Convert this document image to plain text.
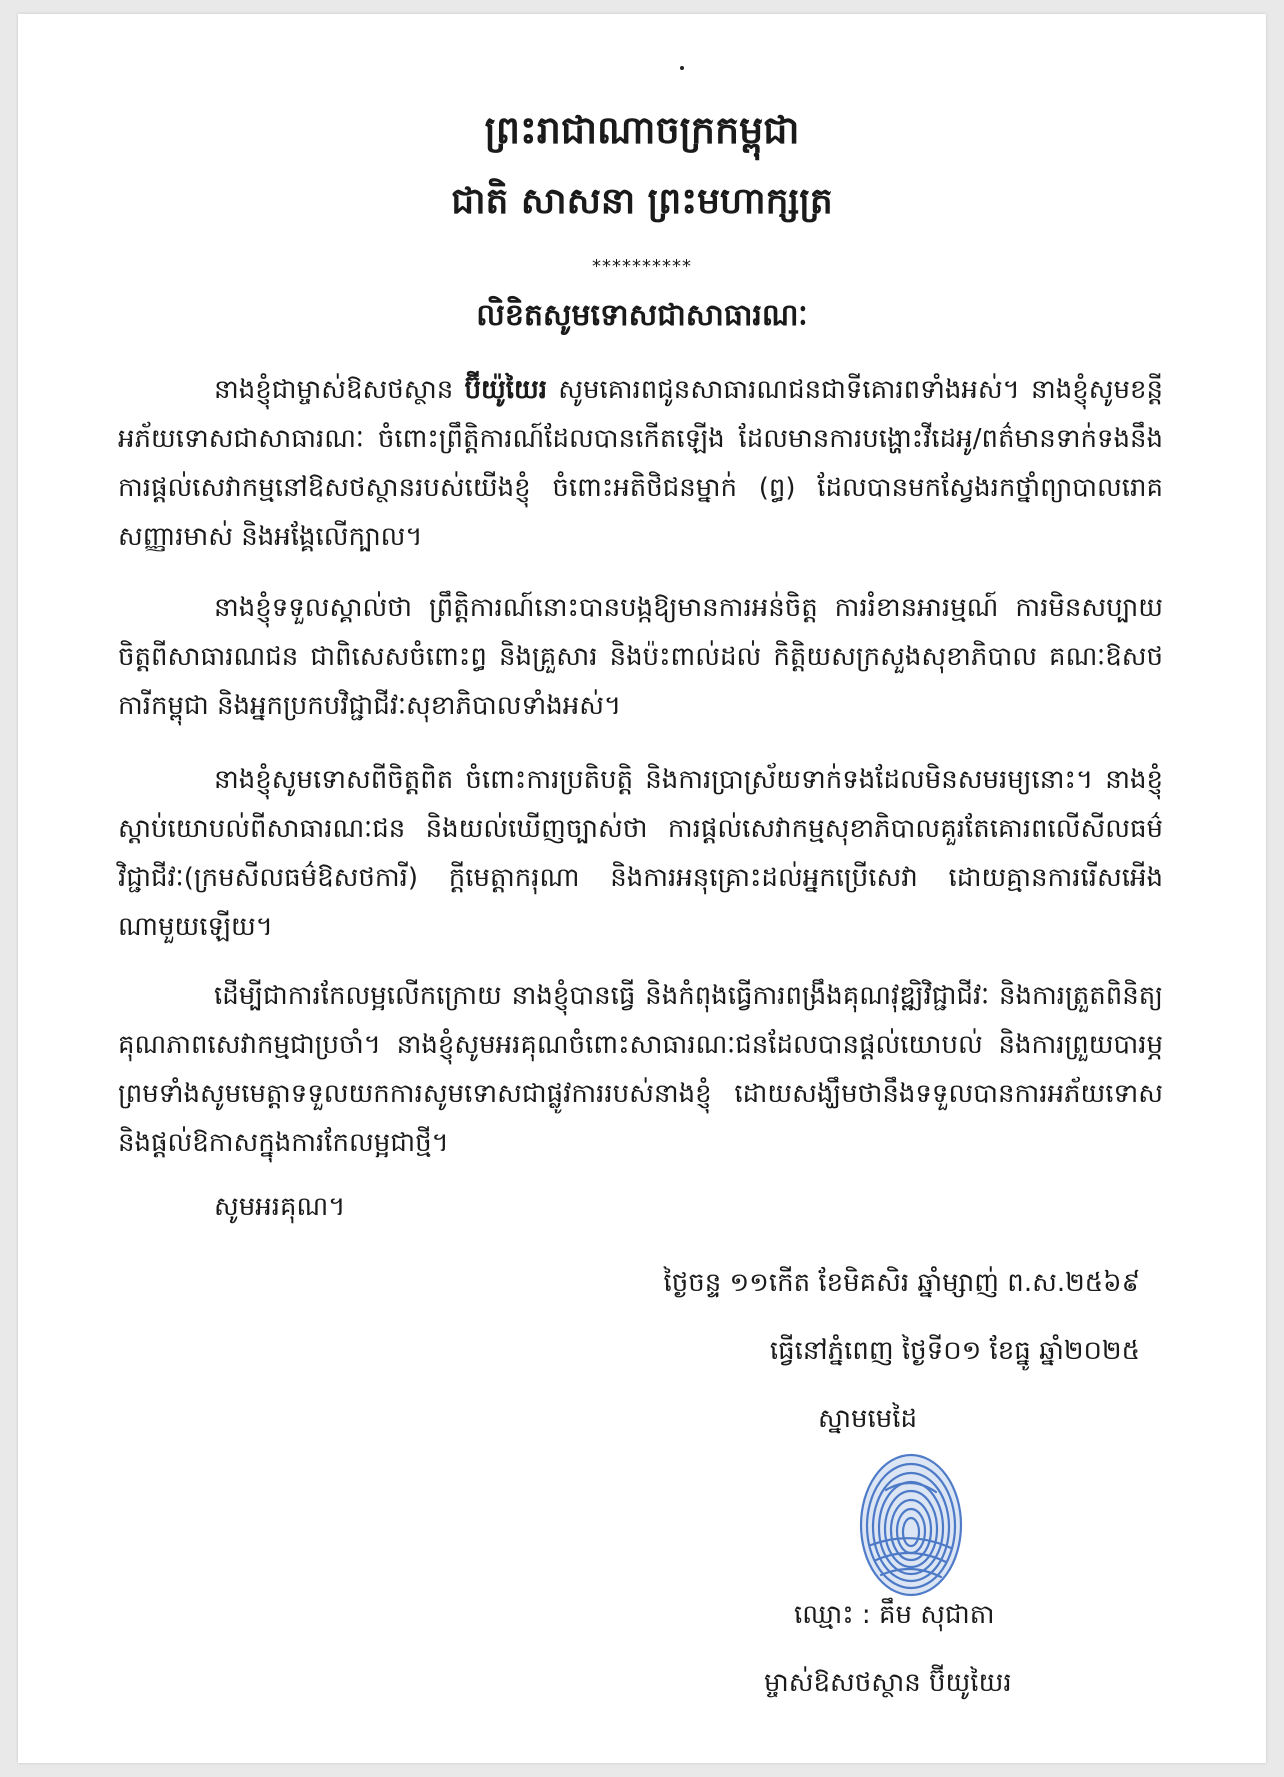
ព្រះរាជាណាចក្រកម្ពុជា
ជាតិ សាសនា ព្រះមហាក្សត្រ
**********
លិខិតសូមទោសជាសាធារណៈ
នាងខ្ញុំជាម្ចាស់ឱសថស្ថាន ប៊ីយ៉ូយៃរ សូមគោរពជូនសាធារណជនជាទីគោរពទាំងអស់។ នាងខ្ញុំសូមខន្តីអភ័យទោសជាសាធារណៈ ចំពោះព្រឹត្តិការណ៍ដែលបានកើតឡើង ដែលមានការបង្ហោះវីដេអូ/ពត៌មានទាក់ទងនឹងការផ្តល់សេវាកម្មនៅឱសថស្ថានរបស់យើងខ្ញុំ ចំពោះអតិថិជនម្នាក់ (ព្ធ) ដែលបានមកស្វែងរកថ្នាំព្យាបាលរោគសញ្ញារមាស់ និងអង្គែលើក្បាល។
នាងខ្ញុំទទួលស្គាល់ថា ព្រឹត្តិការណ៍នោះបានបង្កឱ្យមានការអន់ចិត្ត ការរំខានអារម្មណ៍ ការមិនសប្បាយចិត្តពីសាធារណជន ជាពិសេសចំពោះព្ធ និងគ្រួសារ និងប៉ះពាល់ដល់ កិត្តិយសក្រសួងសុខាភិបាល គណៈឱសថការីកម្ពុជា និងអ្នកប្រកបវិជ្ជាជីវៈសុខាភិបាលទាំងអស់។
នាងខ្ញុំសូមទោសពីចិត្តពិត ចំពោះការប្រតិបត្តិ និងការប្រាស្រ័យទាក់ទងដែលមិនសមរម្យនោះ។ នាងខ្ញុំស្តាប់យោបល់ពីសាធារណៈជន និងយល់ឃើញច្បាស់ថា ការផ្តល់សេវាកម្មសុខាភិបាលគួរតែគោរពលើសីលធម៌វិជ្ជាជីវៈ(ក្រមសីលធម៌ឱសថការី) ក្តីមេត្តាករុណា និងការអនុគ្រោះដល់អ្នកប្រើសេវា ដោយគ្មានការរើសអើងណាមួយឡើយ។
ដើម្បីជាការកែលម្អលើកក្រោយ នាងខ្ញុំបានធ្វើ និងកំពុងធ្វើការពង្រឹងគុណវុឌ្ឍិវិជ្ជាជីវៈ និងការត្រួតពិនិត្យគុណភាពសេវាកម្មជាប្រចាំ។ នាងខ្ញុំសូមអរគុណចំពោះសាធារណៈជនដែលបានផ្តល់យោបល់ និងការព្រួយបារម្ភ ព្រមទាំងសូមមេត្តាទទួលយកការសូមទោសជាផ្លូវការរបស់នាងខ្ញុំ ដោយសង្ឃឹមថានឹងទទួលបានការអភ័យទោស និងផ្តល់ឱកាសក្នុងការកែលម្អជាថ្មី។
សូមអរគុណ។
ថ្ងៃចន្ទ ១១កើត ខែមិគសិរ ឆ្នាំម្សាញ់ ព.ស.២៥៦៩
ធ្វើនៅភ្នំពេញ ថ្ងៃទី០១ ខែធ្នូ ឆ្នាំ២០២៥
ស្នាមមេដៃ
ឈ្មោះ : គឹម សុជាតា
ម្ចាស់ឱសថស្ថាន ប៊ីយូយៃរ
